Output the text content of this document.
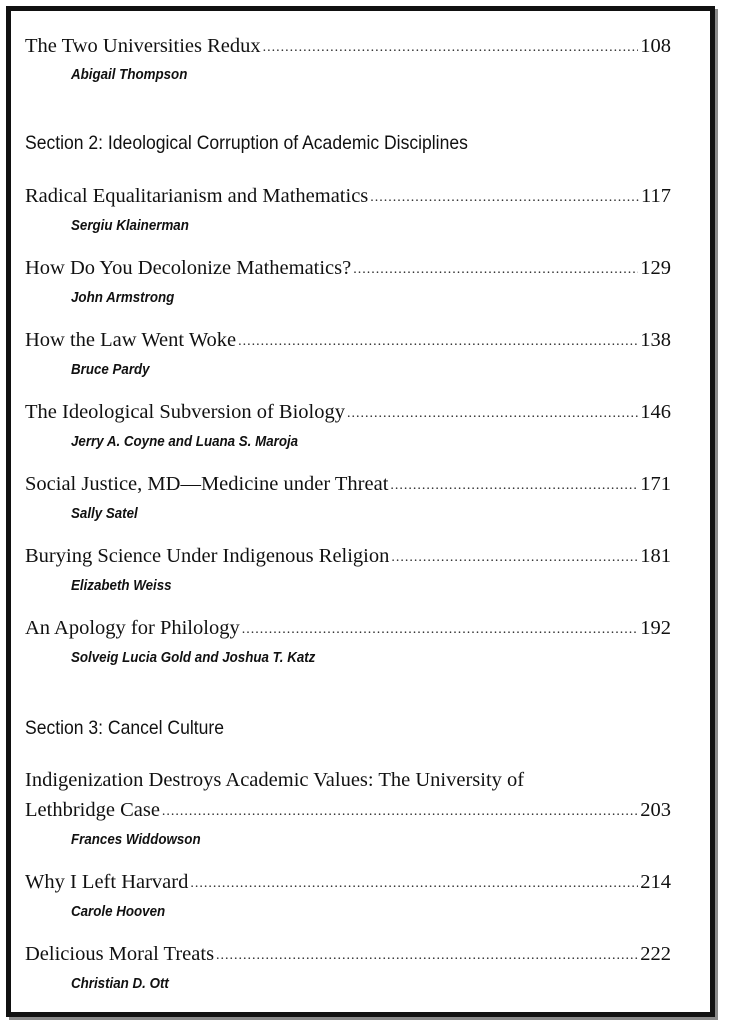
The Two Universities Redux .....	108
Abigail Thompson
Section 2: Ideological Corruption of Academic Disciplines
Radical Equalitarianism and Mathematics .....	117
Sergiu Klainerman
How Do You Decolonize Mathematics? .....	129
John Armstrong
How the Law Went Woke .....	138
Bruce Pardy
The Ideological Subversion of Biology .....	146
Jerry A. Coyne and Luana S. Maroja
Social Justice, MD—Medicine under Threat .....	171
Sally Satel
Burying Science Under Indigenous Religion .....	181
Elizabeth Weiss
An Apology for Philology .....	192
Solveig Lucia Gold and Joshua T. Katz
Section 3: Cancel Culture
Indigenization Destroys Academic Values: The University of
Lethbridge Case .....	203
Frances Widdowson
Why I Left Harvard .....	214
Carole Hooven
Delicious Moral Treats .....	222
Christian D. Ott
